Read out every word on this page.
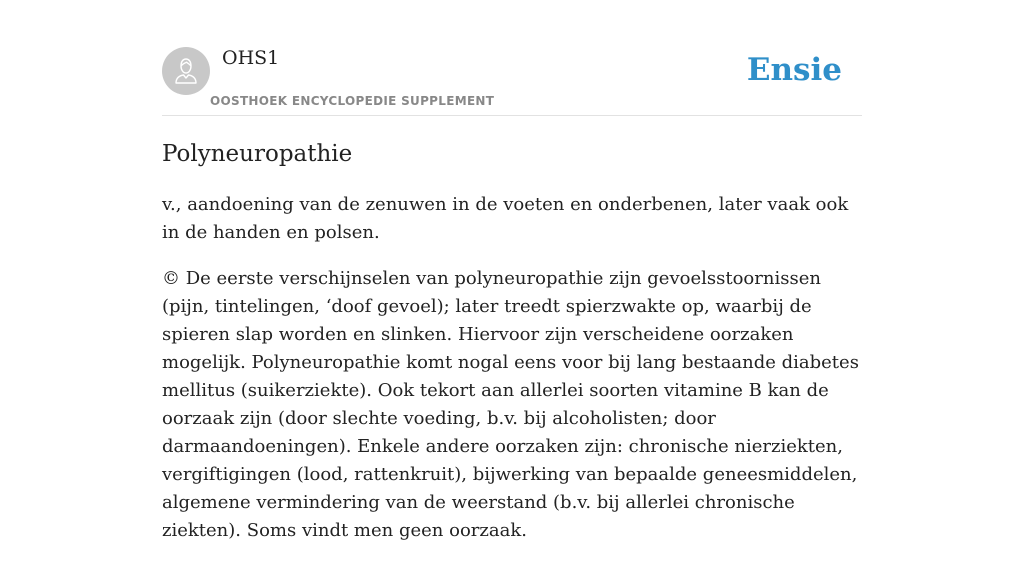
OHS1
OOSTHOEK ENCYCLOPEDIE SUPPLEMENT
Ensie
Polyneuropathie

v., aandoening van de zenuwen in de voeten en onderbenen, later vaak ook in de handen en polsen.

© De eerste verschijnselen van polyneuropathie zijn gevoelsstoornissen (pijn, tintelingen, ‘doof gevoel); later treedt spierzwakte op, waarbij de spieren slap worden en slinken. Hiervoor zijn verscheidene oorzaken mogelijk. Polyneuropathie komt nogal eens voor bij lang bestaande diabetes mellitus (suikerziekte). Ook tekort aan allerlei soorten vitamine B kan de oorzaak zijn (door slechte voeding, b.v. bij alcoholisten; door darmaandoeningen). Enkele andere oorzaken zijn: chronische nierziekten, vergiftigingen (lood, rattenkruit), bijwerking van bepaalde geneesmiddelen, algemene vermindering van de weerstand (b.v. bij allerlei chronische ziekten). Soms vindt men geen oorzaak.
